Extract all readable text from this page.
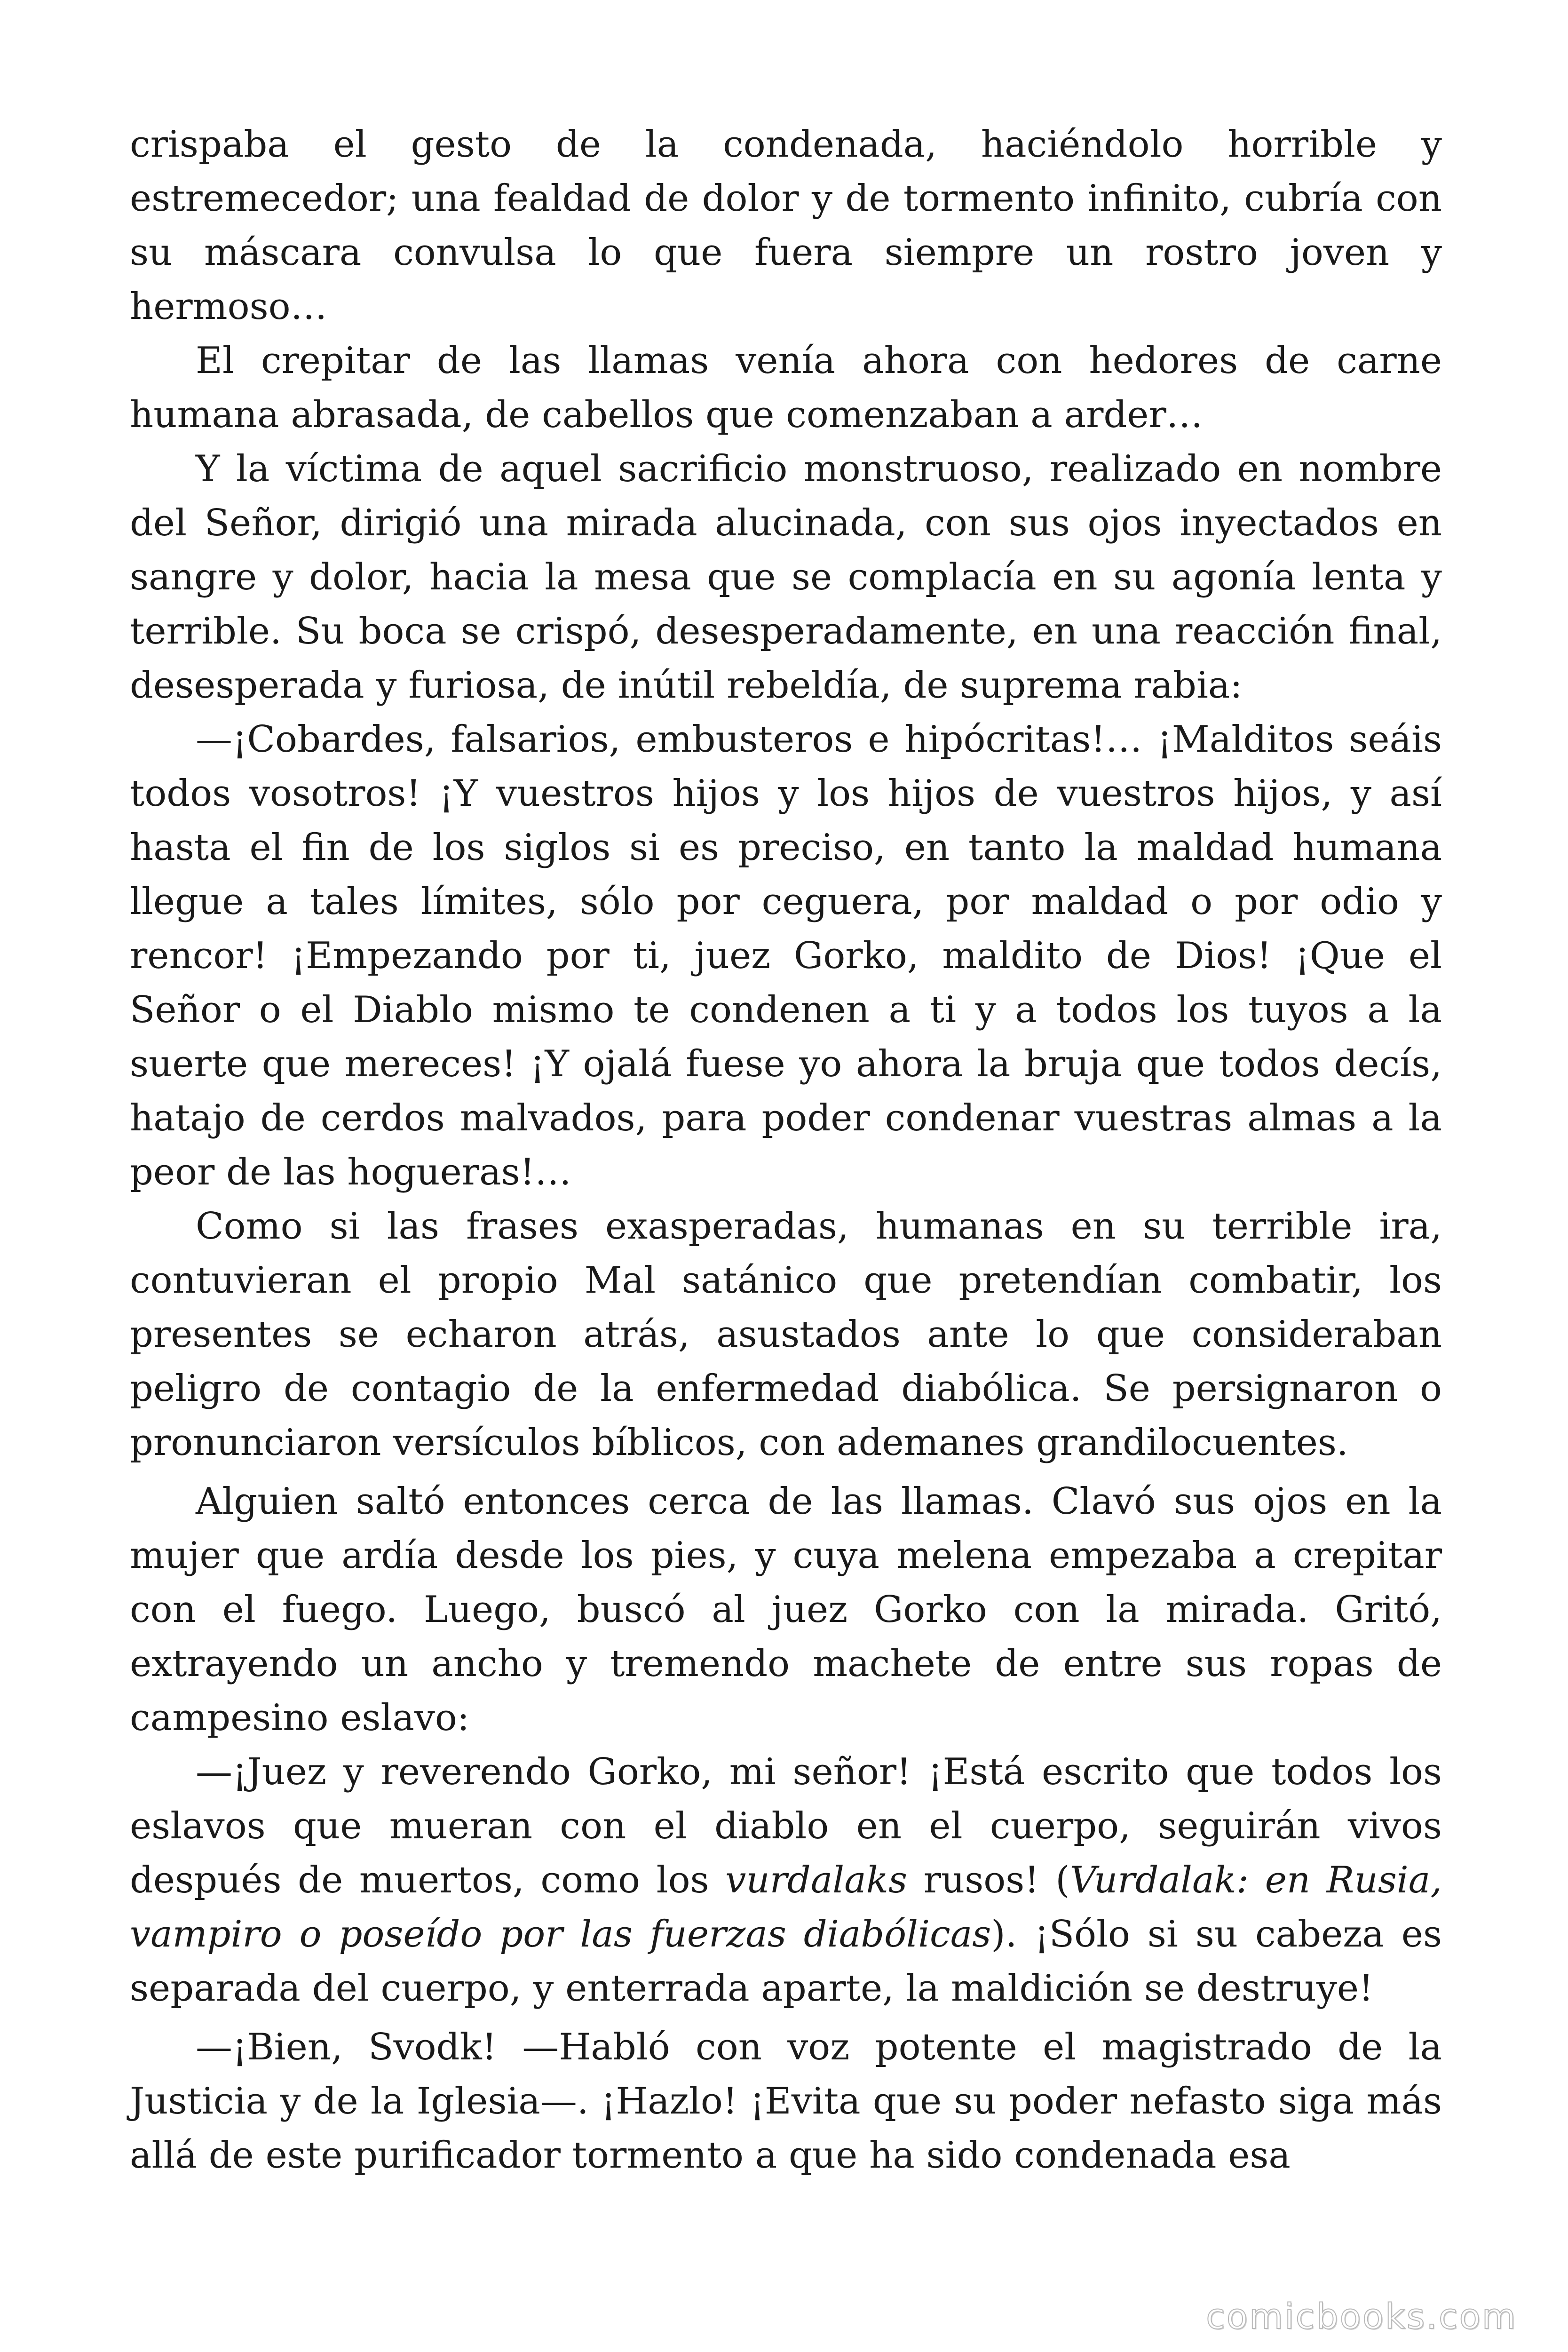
crispaba el gesto de la condenada, haciéndolo horrible y estremecedor; una fealdad de dolor y de tormento infinito, cubría con su máscara convulsa lo que fuera siempre un rostro joven y hermoso…

El crepitar de las llamas venía ahora con hedores de carne humana abrasada, de cabellos que comenzaban a arder…

Y la víctima de aquel sacrificio monstruoso, realizado en nombre del Señor, dirigió una mirada alucinada, con sus ojos inyectados en sangre y dolor, hacia la mesa que se complacía en su agonía lenta y terrible. Su boca se crispó, desesperadamente, en una reacción final, desesperada y furiosa, de inútil rebeldía, de suprema rabia:

—¡Cobardes, falsarios, embusteros e hipócritas!… ¡Malditos seáis todos vosotros! ¡Y vuestros hijos y los hijos de vuestros hijos, y así hasta el fin de los siglos si es preciso, en tanto la maldad humana llegue a tales límites, sólo por ceguera, por maldad o por odio y rencor! ¡Empezando por ti, juez Gorko, maldito de Dios! ¡Que el Señor o el Diablo mismo te condenen a ti y a todos los tuyos a la suerte que mereces! ¡Y ojalá fuese yo ahora la bruja que todos decís, hatajo de cerdos malvados, para poder condenar vuestras almas a la peor de las hogueras!…

Como si las frases exasperadas, humanas en su terrible ira, contuvieran el propio Mal satánico que pretendían combatir, los presentes se echaron atrás, asustados ante lo que consideraban peligro de contagio de la enfermedad diabólica. Se persignaron o pronunciaron versículos bíblicos, con ademanes grandilocuentes.

Alguien saltó entonces cerca de las llamas. Clavó sus ojos en la mujer que ardía desde los pies, y cuya melena empezaba a crepitar con el fuego. Luego, buscó al juez Gorko con la mirada. Gritó, extrayendo un ancho y tremendo machete de entre sus ropas de campesino eslavo:

—¡Juez y reverendo Gorko, mi señor! ¡Está escrito que todos los eslavos que mueran con el diablo en el cuerpo, seguirán vivos después de muertos, como los vurdalaks rusos! (Vurdalak: en Rusia, vampiro o poseído por las fuerzas diabólicas). ¡Sólo si su cabeza es separada del cuerpo, y enterrada aparte, la maldición se destruye!

—¡Bien, Svodk! —Habló con voz potente el magistrado de la Justicia y de la Iglesia—. ¡Hazlo! ¡Evita que su poder nefasto siga más allá de este purificador tormento a que ha sido condenada esa

comicbooks.com
